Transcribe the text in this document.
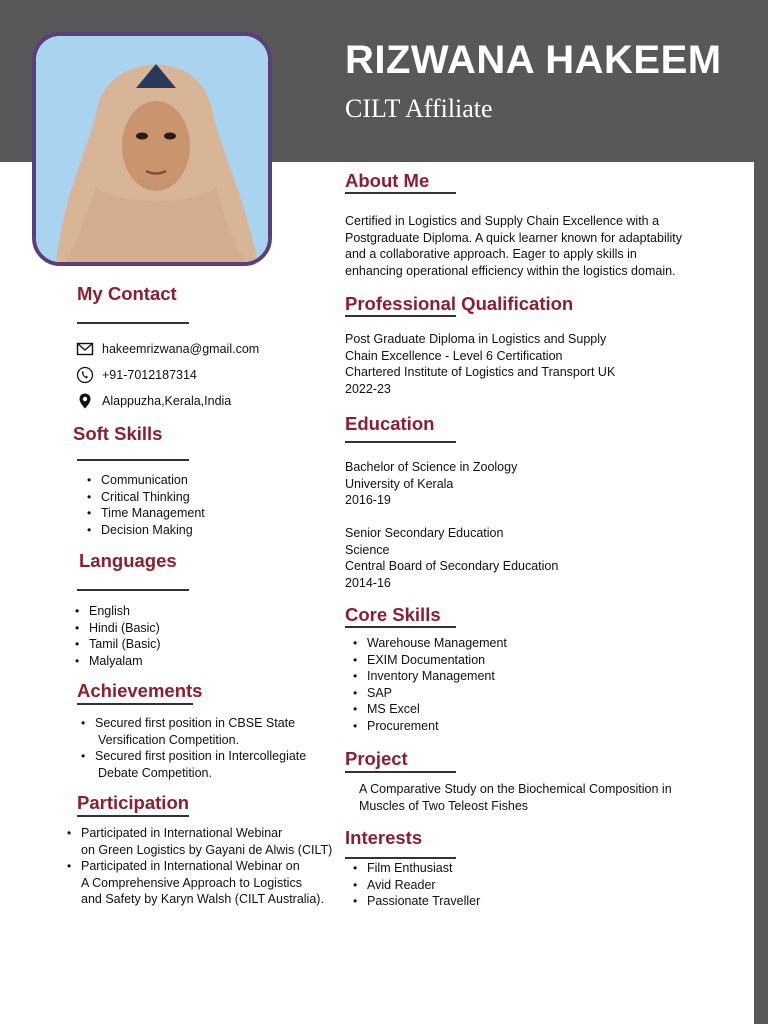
RIZWANA HAKEEM
CILT Affiliate
My Contact
hakeemrizwana@gmail.com
+91-7012187314
Alappuzha,Kerala,India
Soft Skills
• Communication
• Critical Thinking
• Time Management
• Decision Making
Languages
• English
• Hindi (Basic)
• Tamil (Basic)
• Malyalam
Achievements
• Secured first position in CBSE State
Versification Competition.
• Secured first position in Intercollegiate
Debate Competition.
Participation
• Participated in International Webinar
on Green Logistics by Gayani de Alwis (CILT)
• Participated in International Webinar on
A Comprehensive Approach to Logistics
and Safety by Karyn Walsh (CILT Australia).
About Me
Certified in Logistics and Supply Chain Excellence with a
Postgraduate Diploma. A quick learner known for adaptability
and a collaborative approach. Eager to apply skills in
enhancing operational efficiency within the logistics domain.
Professional Qualification
Post Graduate Diploma in Logistics and Supply
Chain Excellence - Level 6 Certification
Chartered Institute of Logistics and Transport UK
2022-23
Education
Bachelor of Science in Zoology
University of Kerala
2016-19
Senior Secondary Education
Science
Central Board of Secondary Education
2014-16
Core Skills
• Warehouse Management
• EXIM Documentation
• Inventory Management
• SAP
• MS Excel
• Procurement
Project
A Comparative Study on the Biochemical Composition in
Muscles of Two Teleost Fishes
Interests
• Film Enthusiast
• Avid Reader
• Passionate Traveller
